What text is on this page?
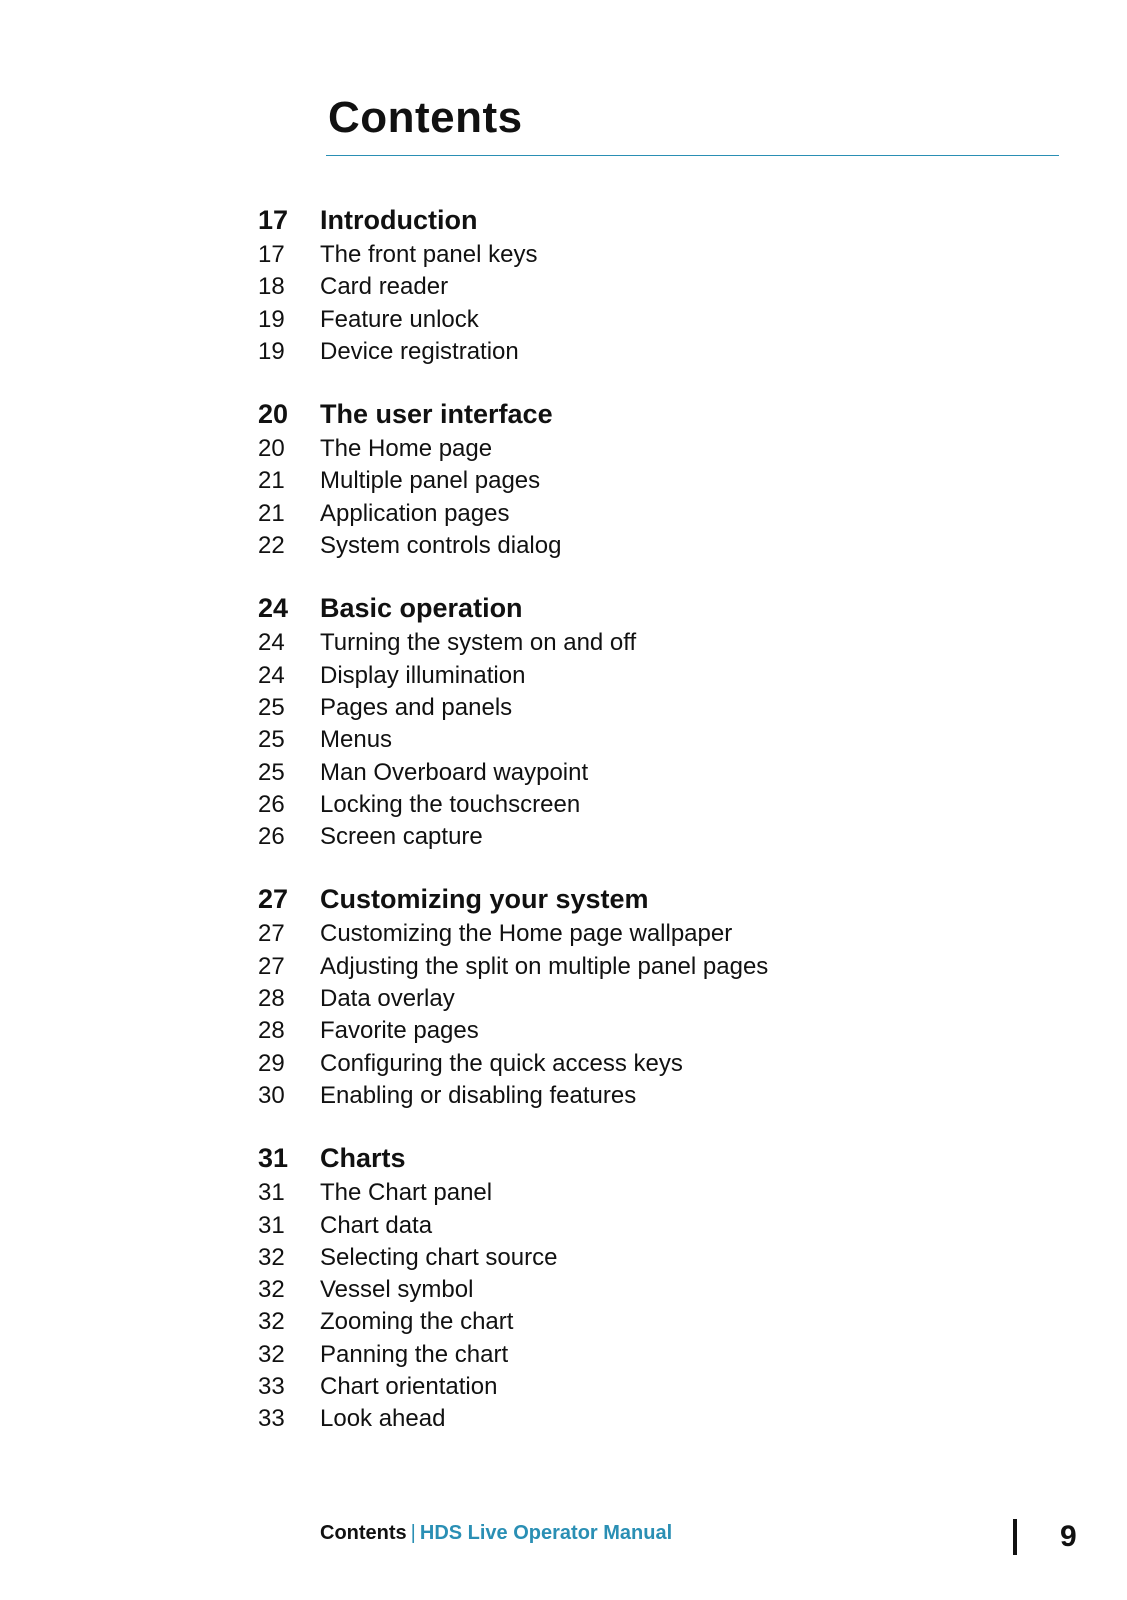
Contents
17	Introduction
17	The front panel keys
18	Card reader
19	Feature unlock
19	Device registration
20	The user interface
20	The Home page
21	Multiple panel pages
21	Application pages
22	System controls dialog
24	Basic operation
24	Turning the system on and off
24	Display illumination
25	Pages and panels
25	Menus
25	Man Overboard waypoint
26	Locking the touchscreen
26	Screen capture
27	Customizing your system
27	Customizing the Home page wallpaper
27	Adjusting the split on multiple panel pages
28	Data overlay
28	Favorite pages
29	Configuring the quick access keys
30	Enabling or disabling features
31	Charts
31	The Chart panel
31	Chart data
32	Selecting chart source
32	Vessel symbol
32	Zooming the chart
32	Panning the chart
33	Chart orientation
33	Look ahead
Contents | HDS Live Operator Manual	9
